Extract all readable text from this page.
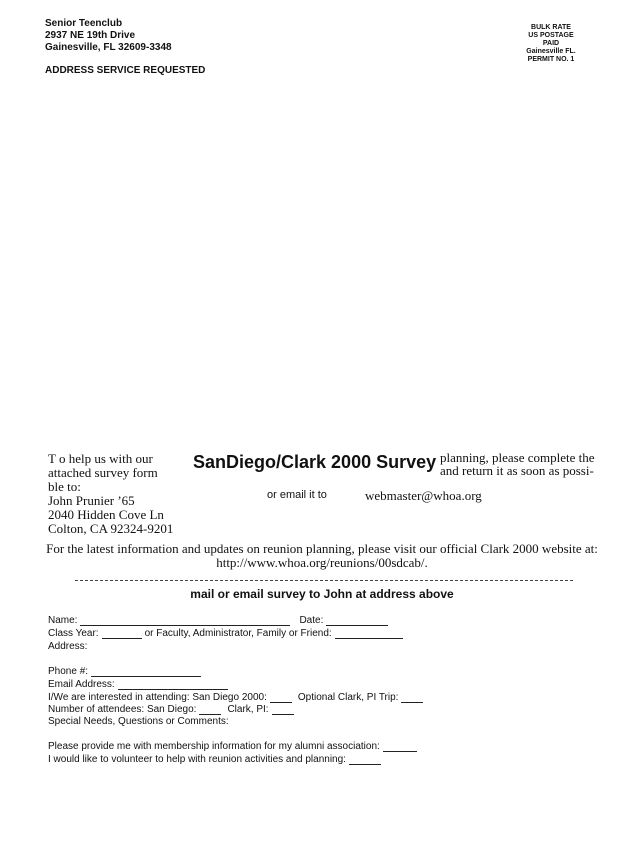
Senior Teenclub
2937 NE 19th Drive
Gainesville, FL 32609-3348
ADDRESS SERVICE REQUESTED
BULK RATE
US POSTAGE
PAID
Gainesville FL.
PERMIT NO. 1
T o help us with our
attached survey form
ble to:
John Prunier ’65
2040 Hidden Cove Ln
Colton, CA 92324-9201
SanDiego/Clark 2000 Survey planning, please complete the
and return it as soon as possi-
or email it to	webmaster@whoa.org
For the latest information and updates on reunion planning, please visit our official Clark 2000 website at:
http://www.whoa.org/reunions/00sdcab/.
mail or email survey to John at address above
Name:	Date:
Class Year:	or Faculty, Administrator, Family or Friend:
Address:
Phone #:
Email Address:
I/We are interested in attending: San Diego 2000:	Optional Clark, PI Trip:
Number of attendees: San Diego:	Clark, PI:
Special Needs, Questions or Comments:
Please provide me with membership information for my alumni association:
I would like to volunteer to help with reunion activities and planning:
